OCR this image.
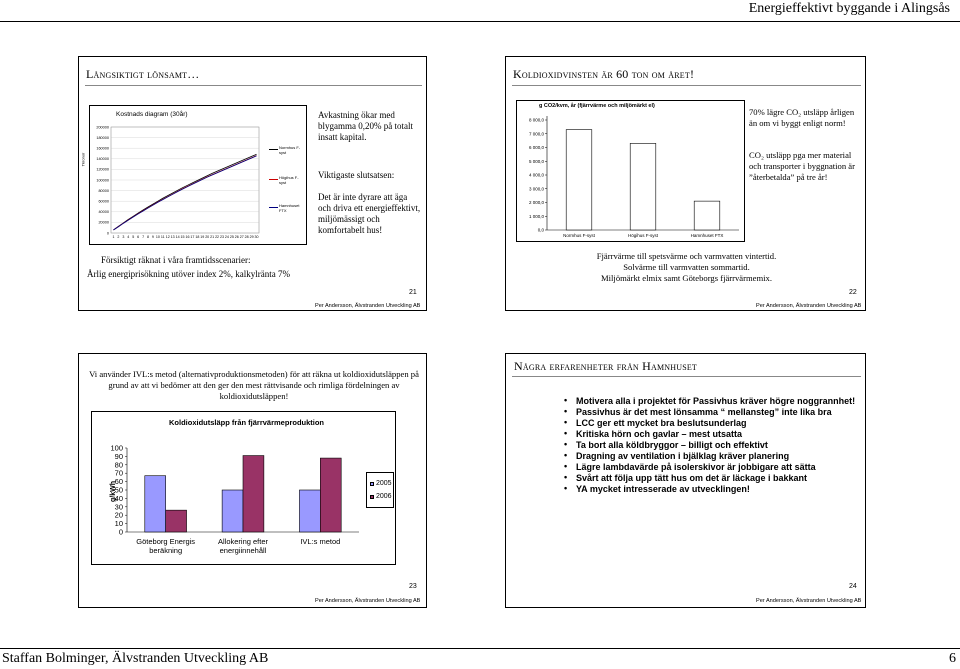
Energieffektivt byggande i Alingsås
Långsiktigt lönsamt…
Kostnads diagram (30år)
Tkronor
0
20000
40000
60000
80000
100000
120000
140000
160000
180000
200000
1 2 3 4 5 6 7 8 9 10 11 12 13 14 15 16 17 18 19 20 21 22 23 24 25 26 27 28 29 30
Normhus F-syst
Högihus F-syst
Hamnhuset FTX
Avkastning ökar med blygamma 0,20% på totalt insatt kapital.
Viktigaste slutsatsen:
Det är inte dyrare att äga och driva ett energieffektivt, miljömässigt och komfortabelt hus!
Försiktigt räknat i våra framtidsscenarier:
Årlig energiprisökning utöver index 2%, kalkylränta 7%
21
Per Andersson, Älvstranden Utveckling AB
Koldioxidvinsten är 60 ton om året!
g CO2/kvm, år (fjärrvärme och miljömärkt el)
0,0
1 000,0
2 000,0
3 000,0
4 000,0
5 000,0
6 000,0
7 000,0
8 000,0
Normhus F-syst	Högihus F-syst	Hamnhuset FTX
70% lägre CO₂ utsläpp årligen än om vi byggt enligt norm!
CO₂ utsläpp pga mer material och transporter i byggnation är ”återbetalda” på tre år!
Fjärrvärme till spetsvärme och varmvatten vintertid.
Solvärme till varmvatten sommartid.
Miljömärkt elmix samt Göteborgs fjärrvärmemix.
22
Per Andersson, Älvstranden Utveckling AB
Vi använder IVL:s metod (alternativproduktionsmetoden) för att räkna ut koldioxidutsläppen på grund av att vi bedömer att den ger den mest rättvisande och rimliga fördelningen av koldioxidutsläppen!
Koldioxidutsläpp från fjärrvärmeproduktion
g/kWh
0
10
20
30
40
50
60
70
80
90
100
Göteborg Energis
beräkning
Allokering efter
energiinnehåll
IVL:s metod
2005
2006
23
Per Andersson, Älvstranden Utveckling AB
Några erfarenheter från Hamnhuset
• Motivera alla i projektet för Passivhus kräver högre noggrannhet!
• Passivhus är det mest lönsamma “ mellansteg” inte lika bra
• LCC ger ett mycket bra beslutsunderlag
• Kritiska hörn och gavlar – mest utsatta
• Ta bort alla köldbryggor – billigt och effektivt
• Dragning av ventilation i bjälklag kräver planering
• Lägre lambdavärde på isolerskivor är jobbigare att sätta
• Svårt att följa upp tätt hus om det är läckage i bakkant
• YA mycket intresserade av utvecklingen!
24
Per Andersson, Älvstranden Utveckling AB
Staffan Bolminger, Älvstranden Utveckling AB	6
